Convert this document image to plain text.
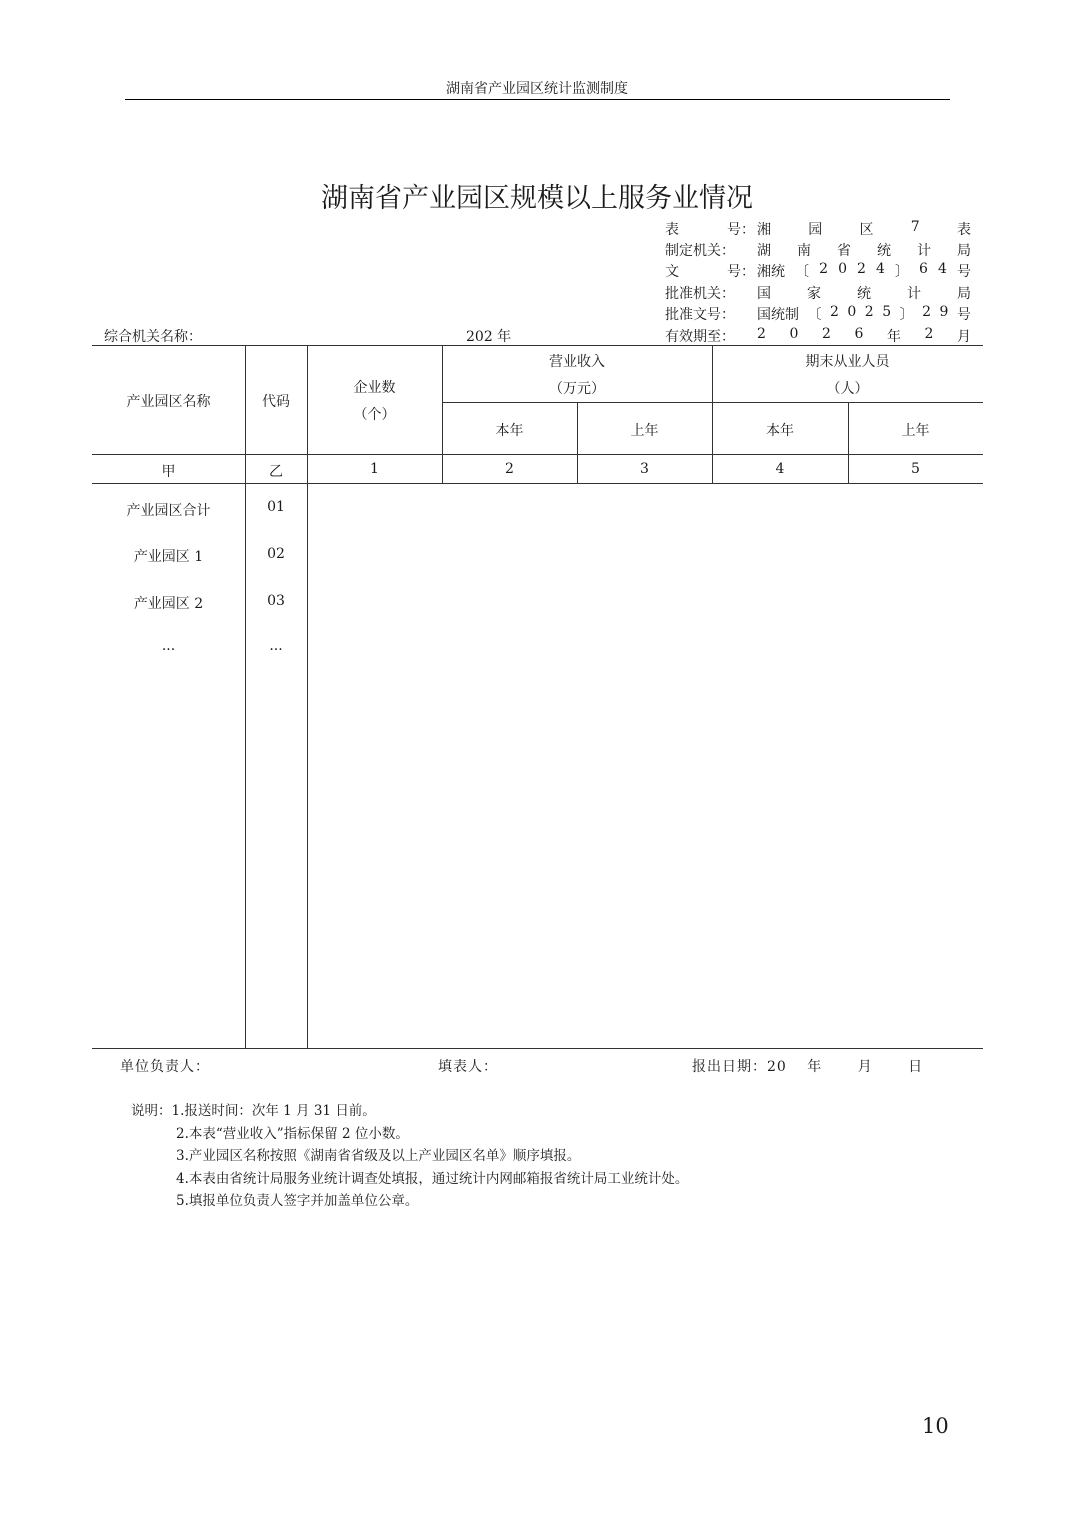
湖南省产业园区统计监测制度
湖南省产业园区规模以上服务业情况
表	号： 湘	园	区	7	表
制定机关： 湖 南 省 统 计 局
文	号： 湘统 〔 2 0 2 4 〕 6 4 号
批准机关： 国	家	统	计	局
批准文号： 国统制 〔 2 0 2 5 〕 2 9 号
有效期至： 2 0 2 6 年 2 月
综合机关名称：	202 年
产业园区名称	代码
企业数
（个）
营业收入
（万元）
期末从业人员
（人）
本年	上年	本年	上年
甲	乙	1	2	3	4	5
产业园区合计	01
产业园区 1	02
产业园区 2	03
···	···
单位负责人：	填表人：	报出日期：20　 年　　 月　　 日
说明：1.报送时间：次年 1 月 31 日前。
2.本表“营业收入”指标保留 2 位小数。
3.产业园区名称按照《湖南省省级及以上产业园区名单》顺序填报。
4.本表由省统计局服务业统计调查处填报，通过统计内网邮箱报省统计局工业统计处。
5.填报单位负责人签字并加盖单位公章。
10
